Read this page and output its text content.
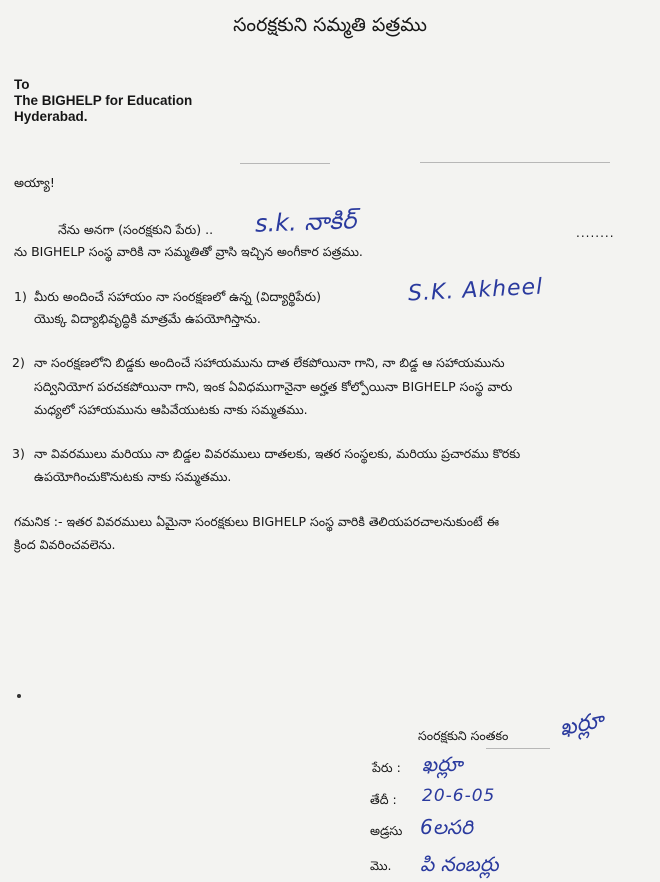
సంరక్షకుని సమ్మతి పత్రము
To
The BIGHELP for Education
Hyderabad.
అయ్యా!
నేను అనగా (సంరక్షకుని పేరు) .. s.k. నాకిర్	........
ను BIGHELP సంస్థ వారికి నా సమ్మతితో వ్రాసి ఇచ్చిన అంగీకార పత్రము.
1) మీరు అందించే సహాయం నా సంరక్షణలో ఉన్న (విద్యార్థిపేరు)	S.K. Akheel
యొక్క విద్యాభివృద్ధికి మాత్రమే ఉపయోగిస్తాను.
2) నా సంరక్షణలోని బిడ్డకు అందించే సహాయమును దాత లేకపోయినా గాని, నా బిడ్డ ఆ సహాయమును
సద్వినియోగ పరచకపోయినా గాని, ఇంక ఏవిధముగానైనా అర్హత కోల్పోయినా BIGHELP సంస్థ వారు
మధ్యలో సహాయమును ఆపివేయుటకు నాకు సమ్మతము.
3) నా వివరములు మరియు నా బిడ్డల వివరములు దాతలకు, ఇతర సంస్థలకు, మరియు ప్రచారము కొరకు
ఉపయోగించుకొనుటకు నాకు సమ్మతము.
గమనిక :- ఇతర వివరములు ఏమైనా సంరక్షకులు BIGHELP సంస్థ వారికి తెలియపరచాలనుకుంటే ఈ
క్రింద వివరించవలెను.
సంరక్షకుని సంతకం ఖర్లూ
పేరు : ఖర్లూ
తేదీ : 20-6-05
అడ్రసు 6లసరి
మొ. పి నంబర్లు
